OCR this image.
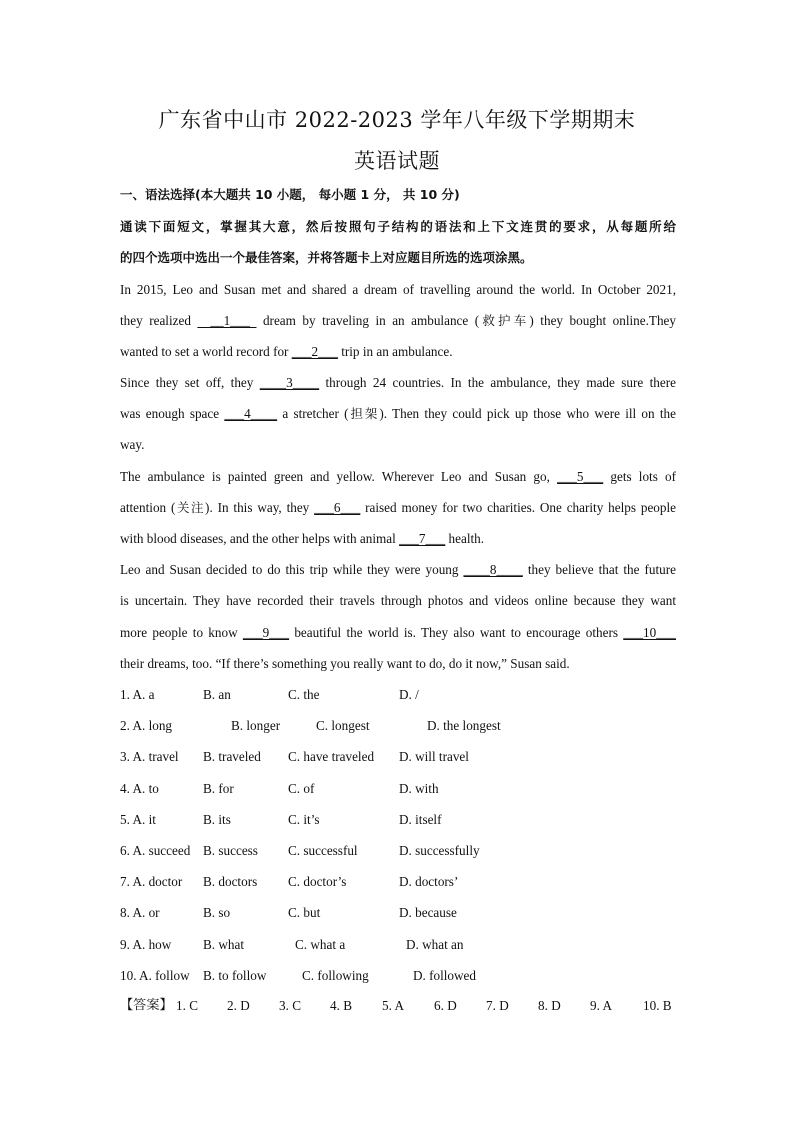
广东省中山市 2022-2023 学年八年级下学期期末
英语试题
一、语法选择(本大题共 10 小题， 每小题 1 分， 共 10 分)
通读下面短文，掌握其大意，然后按照句子结构的语法和上下文连贯的要求，从每题所给
的四个选项中选出一个最佳答案，并将答题卡上对应题目所选的选项涂黑。
In 2015, Leo and Susan met and shared a dream of travelling around the world. In October 2021,
they realized   __1___  dream by traveling in an ambulance (救护车) they bought online.They
wanted to set a world record for ___2___ trip in an ambulance.
Since they set off, they ____3____ through 24 countries. In the ambulance, they made sure there
was enough space ___4____ a stretcher (担架). Then they could pick up those who were ill on the
way.
The ambulance is painted green and yellow. Wherever Leo and Susan go, ___5___ gets lots of
attention (关注). In this way, they ___6___ raised money for two charities. One charity helps people
with blood diseases, and the other helps with animal ___7___ health.
Leo and Susan decided to do this trip while they were young ____8____ they believe that the future
is uncertain. They have recorded their travels through photos and videos online because they want
more people to know ___9___ beautiful the world is. They also want to encourage others ___10___
their dreams, too. “If there’s something you really want to do, do it now,” Susan said.
1. A. a	B. an	C. the	D. /
2. A. long	B. longer	C. longest	D. the longest
3. A. travel B. traveled C. have traveled D. will travel
4. A. to	B. for	C. of	D. with
5. A. it	B. its	C. it’s	D. itself
6. A. succeed B. success C. successful	D. successfully
7. A. doctor B. doctors C. doctor’s	D. doctors’
8. A. or	B. so	C. but	D. because
9. A. how B. what	C. what a	D. what an
10. A. follow B. to follow	C. following	D. followed
【答案】 1. C 2. D 3. C 4. B 5. A 6. D 7. D 8. D 9. A 10. B
